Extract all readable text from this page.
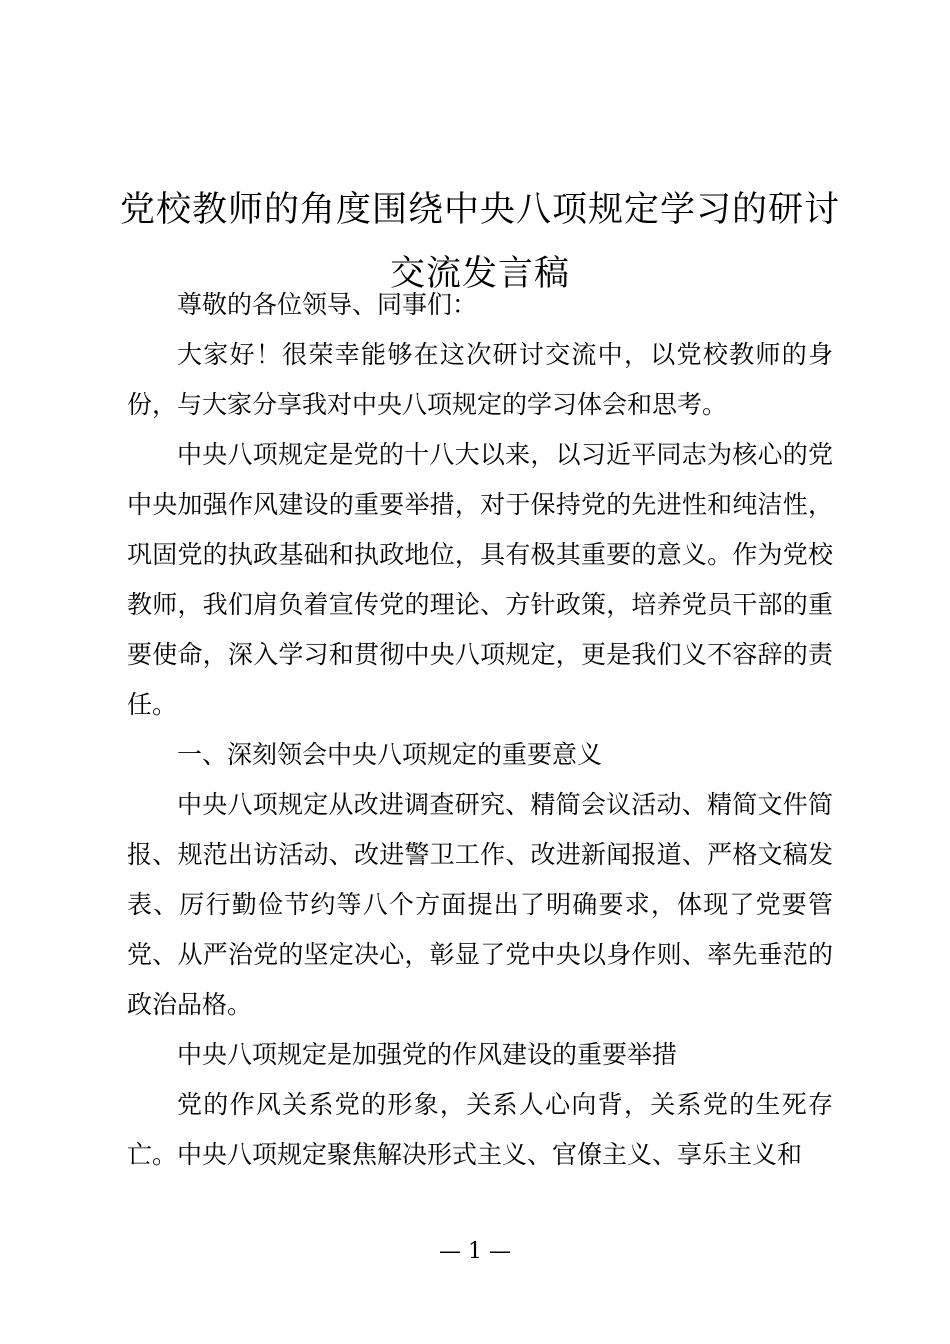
党校教师的角度围绕中央八项规定学习的研讨
交流发言稿

尊敬的各位领导、同事们：

大家好！很荣幸能够在这次研讨交流中，以党校教师的身份，与大家分享我对中央八项规定的学习体会和思考。

中央八项规定是党的十八大以来，以习近平同志为核心的党中央加强作风建设的重要举措，对于保持党的先进性和纯洁性，巩固党的执政基础和执政地位，具有极其重要的意义。作为党校教师，我们肩负着宣传党的理论、方针政策，培养党员干部的重要使命，深入学习和贯彻中央八项规定，更是我们义不容辞的责任。

一、深刻领会中央八项规定的重要意义

中央八项规定从改进调查研究、精简会议活动、精简文件简报、规范出访活动、改进警卫工作、改进新闻报道、严格文稿发表、厉行勤俭节约等八个方面提出了明确要求，体现了党要管党、从严治党的坚定决心，彰显了党中央以身作则、率先垂范的政治品格。

中央八项规定是加强党的作风建设的重要举措

党的作风关系党的形象，关系人心向背，关系党的生死存亡。中央八项规定聚焦解决形式主义、官僚主义、享乐主义和

— 1 —
